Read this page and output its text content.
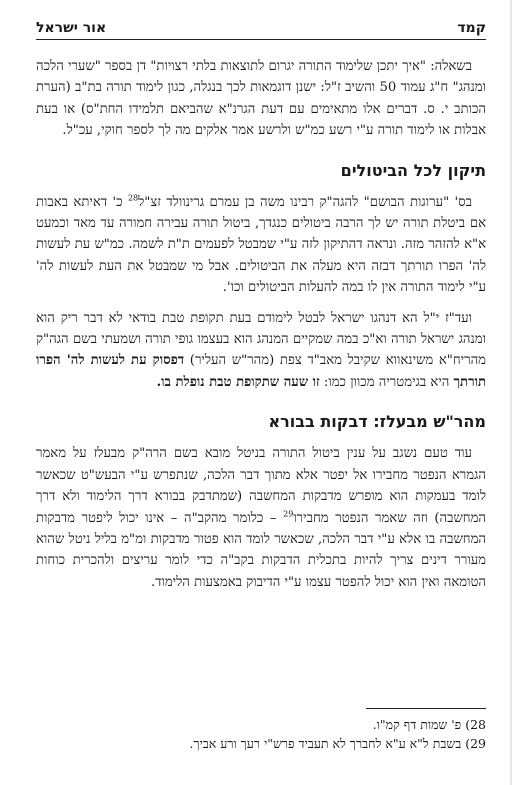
קמד
אור ישראל

בשאלה: "איך יתכן שלימוד התורה יגרום לתוצאות בלתי רצויות" דן בספר "שערי הלכה ומנהג" ח"ג עמוד 50 והשיב ז"ל: ישנן דוגמאות לכך בנגלה, כגון לימוד תורה בת"ב (הערת הכותב י. ס. דברים אלו מתאימים עם דעת הגרנ"א שהביאם תלמידו החת"ס) או בעת אבלות או לימוד תורה ע"י רשע כמ"ש ולרשע אמר אלקים מה לך לספר חוקי, עכ"ל.

תיקון לכל הביטולים

בס' "ערוגות הבושם" להגה"ק רבינו משה בן עמרם גרינוולד זצ"ל$^{28}$ כ' דאיתא באבות אם ביטלת תורה יש לך הרבה ביטולים כנגדך, ביטול תורה עבירה חמורה עד מאד וכמעט א"א להזהר מזה. ונראה דהתיקון לזה ע"י שמבטל לפעמים ת"ת לשמה. כמ"ש עת לעשות לה' הפרו תורתך דבזה היא מעלה את הביטולים. אבל מי שמבטל את העת לעשות לה' ע"י לימוד התורה אין לו במה להעלות הביטולים וכו'.

ועד"ז י"ל הא דנהגו ישראל לבטל לימודם בעת תקופת טבת בודאי לא דבר ריק הוא ומנהג ישראל תורה וא"כ במה שמקיים המנהג הוא בעצמו גופי תורה ושמעתי בשם הגה"ק מהריח"א משינאווא שקיבל מאב"ד צפת (מהר"ש העליר) דפסוק עת לעשות לה' הפרו תורתך היא בגימטריה מכוון כמו: זו שעה שתקופת טבת נופלת בו.

מהר"ש מבעלז: דבקות בבורא

עוד טעם נשגב על ענין ביטול התורה בניטל מובא בשם הרה"ק מבעלז על מאמר הגמרא הנפטר מחבירו אל יפטר אלא מתוך דבר הלכה, שנתפרש ע"י הבעש"ט שכאשר לומד בעמקות הוא מופרש מדבקות המחשבה (שמתדבק בבורא דרך הלימוד ולא דרך המחשבה) וזה שאמר הנפטר מחבירו$^{29}$ – כלומר מהקב"ה – אינו יכול ליפטר מדבקות המחשבה בו אלא ע"י דבר הלכה, שכאשר לומד הוא פטור מדבקות ומ"מ בליל ניטל שהוא מעורר דינים צריך להיות בתכלית הדבקות בקב"ה כדי לומר עריצים ולהכרית כוחות הטומאה ואין הוא יכול להפטר עצמו ע"י הדיבוק באמצעות הלימוד.

28) פ' שמות דף קמ"ו.

29) בשבת ל"א ע"א לחברך לא תעביד פרש"י רעך ורע אביך.
